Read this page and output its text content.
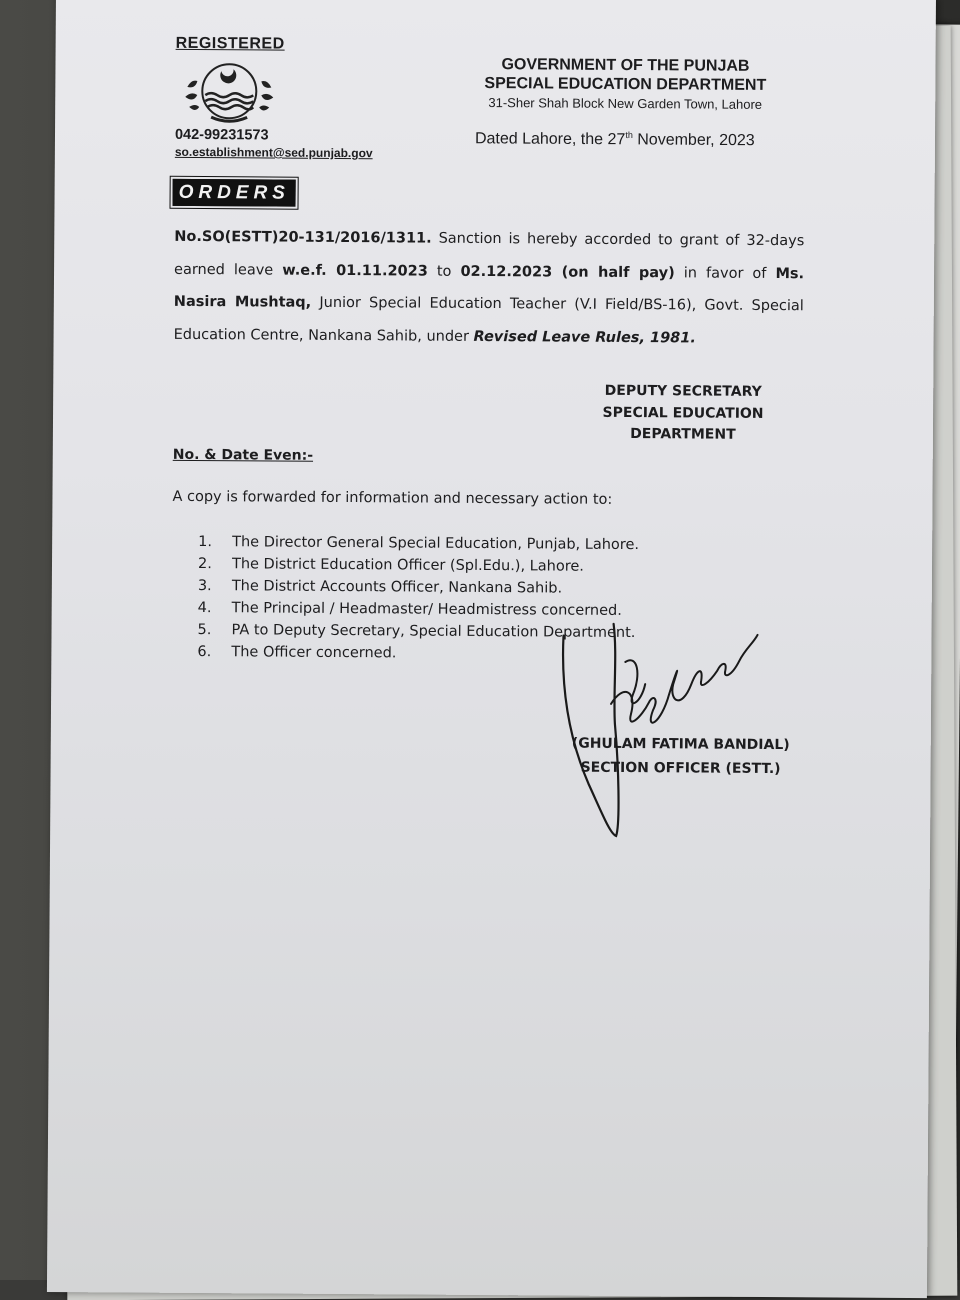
REGISTERED
042-99231573
so.establishment@sed.punjab.gov
GOVERNMENT OF THE PUNJAB
SPECIAL EDUCATION DEPARTMENT
31-Sher Shah Block New Garden Town, Lahore
Dated Lahore, the 27th November, 2023
ORDERS
No.SO(ESTT)20-131/2016/1311. Sanction is hereby accorded to grant of 32-days earned leave w.e.f. 01.11.2023 to 02.12.2023 (on half pay) in favor of Ms. Nasira Mushtaq, Junior Special Education Teacher (V.I Field/BS-16), Govt. Special Education Centre, Nankana Sahib, under Revised Leave Rules, 1981.
DEPUTY SECRETARY
SPECIAL EDUCATION
DEPARTMENT
No. & Date Even:-
A copy is forwarded for information and necessary action to:
1. The Director General Special Education, Punjab, Lahore.
2. The District Education Officer (Spl.Edu.), Lahore.
3. The District Accounts Officer, Nankana Sahib.
4. The Principal / Headmaster/ Headmistress concerned.
5. PA to Deputy Secretary, Special Education Department.
6. The Officer concerned.
(GHULAM FATIMA BANDIAL)
SECTION OFFICER (ESTT.)
